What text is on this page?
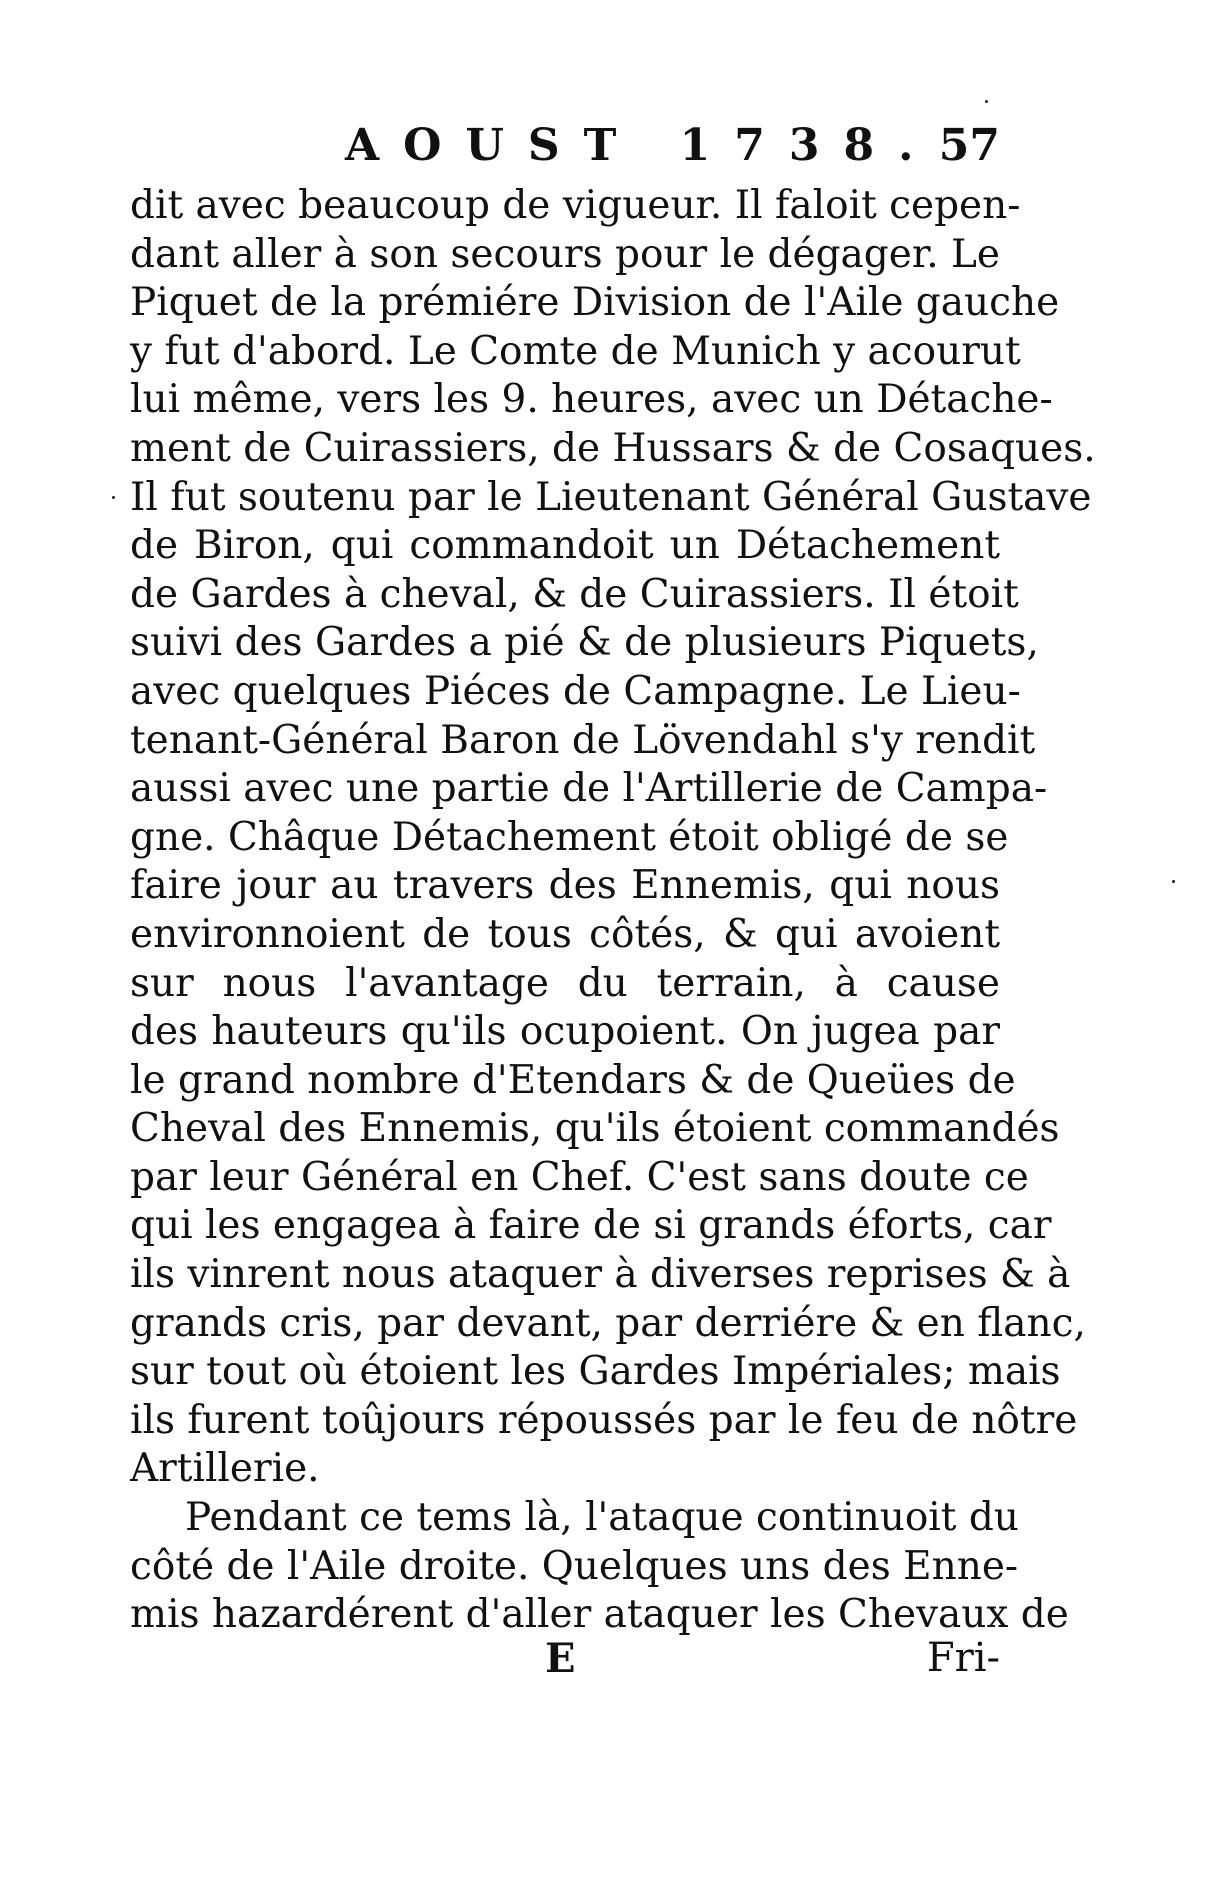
AOUST 1738. 57
dit avec beaucoup de vigueur. Il faloit cepen-
dant aller à son secours pour le dégager. Le
Piquet de la prémiére Division de l'Aile gauche
y fut d'abord. Le Comte de Munich y acourut
lui même, vers les 9. heures, avec un Détache-
ment de Cuirassiers, de Hussars & de Cosaques.
Il fut soutenu par le Lieutenant Général Gustave
de Biron, qui commandoit un Détachement
de Gardes à cheval, & de Cuirassiers. Il étoit
suivi des Gardes a pié & de plusieurs Piquets,
avec quelques Piéces de Campagne. Le Lieu-
tenant-Général Baron de Lövendahl s'y rendit
aussi avec une partie de l'Artillerie de Campa-
gne. Châque Détachement étoit obligé de se
faire jour au travers des Ennemis, qui nous
environnoient de tous côtés, & qui avoient
sur nous l'avantage du terrain, à cause
des hauteurs qu'ils ocupoient. On jugea par
le grand nombre d'Etendars & de Queües de
Cheval des Ennemis, qu'ils étoient commandés
par leur Général en Chef. C'est sans doute ce
qui les engagea à faire de si grands éforts, car
ils vinrent nous ataquer à diverses reprises & à
grands cris, par devant, par derriére & en flanc,
sur tout où étoient les Gardes Impériales; mais
ils furent toûjours répoussés par le feu de nôtre
Artillerie.
Pendant ce tems là, l'ataque continuoit du
côté de l'Aile droite. Quelques uns des Enne-
mis hazardérent d'aller ataquer les Chevaux de
E	Fri-
